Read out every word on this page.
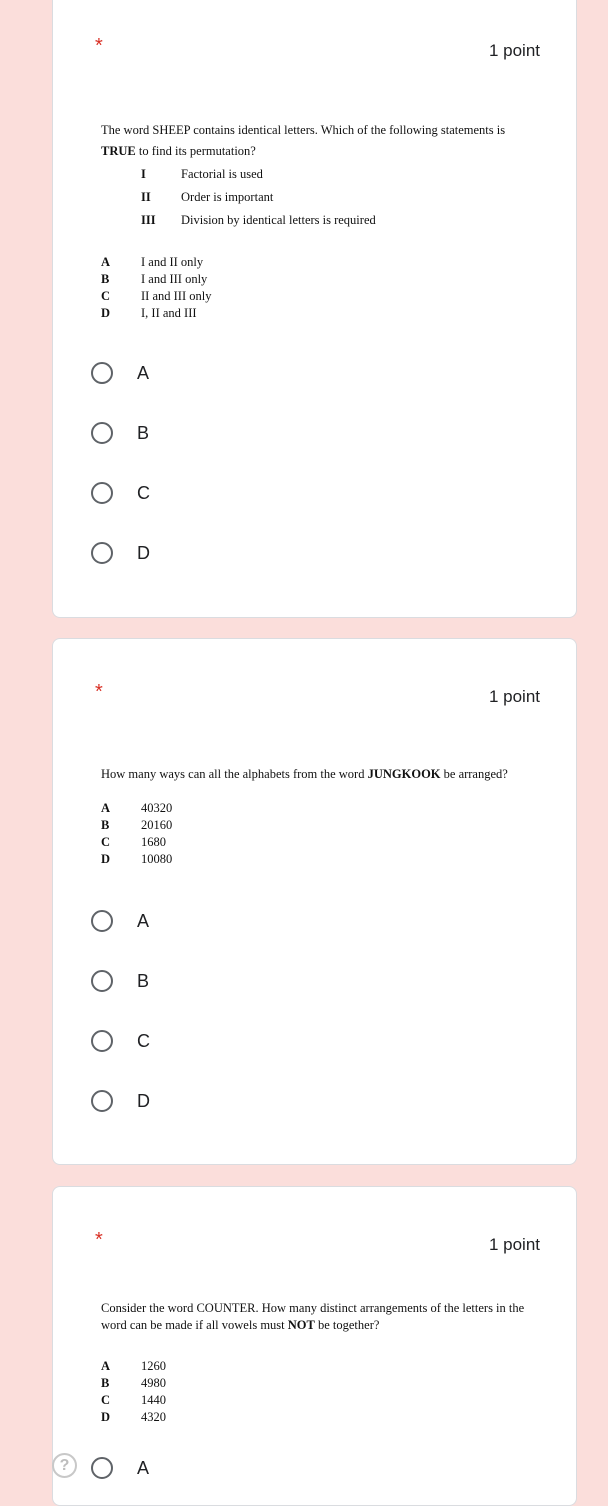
*	1 point
The word SHEEP contains identical letters. Which of the following statements is TRUE to find its permutation?
I	Factorial is used
II Order is important
III Division by identical letters is required
A I and II only
B	I and III only
C II and III only
D I, II and III
A
B
C
D
*	1 point
How many ways can all the alphabets from the word JUNGKOOK be arranged?
A 40320
B	20160
C 1680
D 10080
A
B
C
D
*	1 point
Consider the word COUNTER. How many distinct arrangements of the letters in the word can be made if all vowels must NOT be together?
A 1260
B	4980
C 1440
D 4320
A
?
